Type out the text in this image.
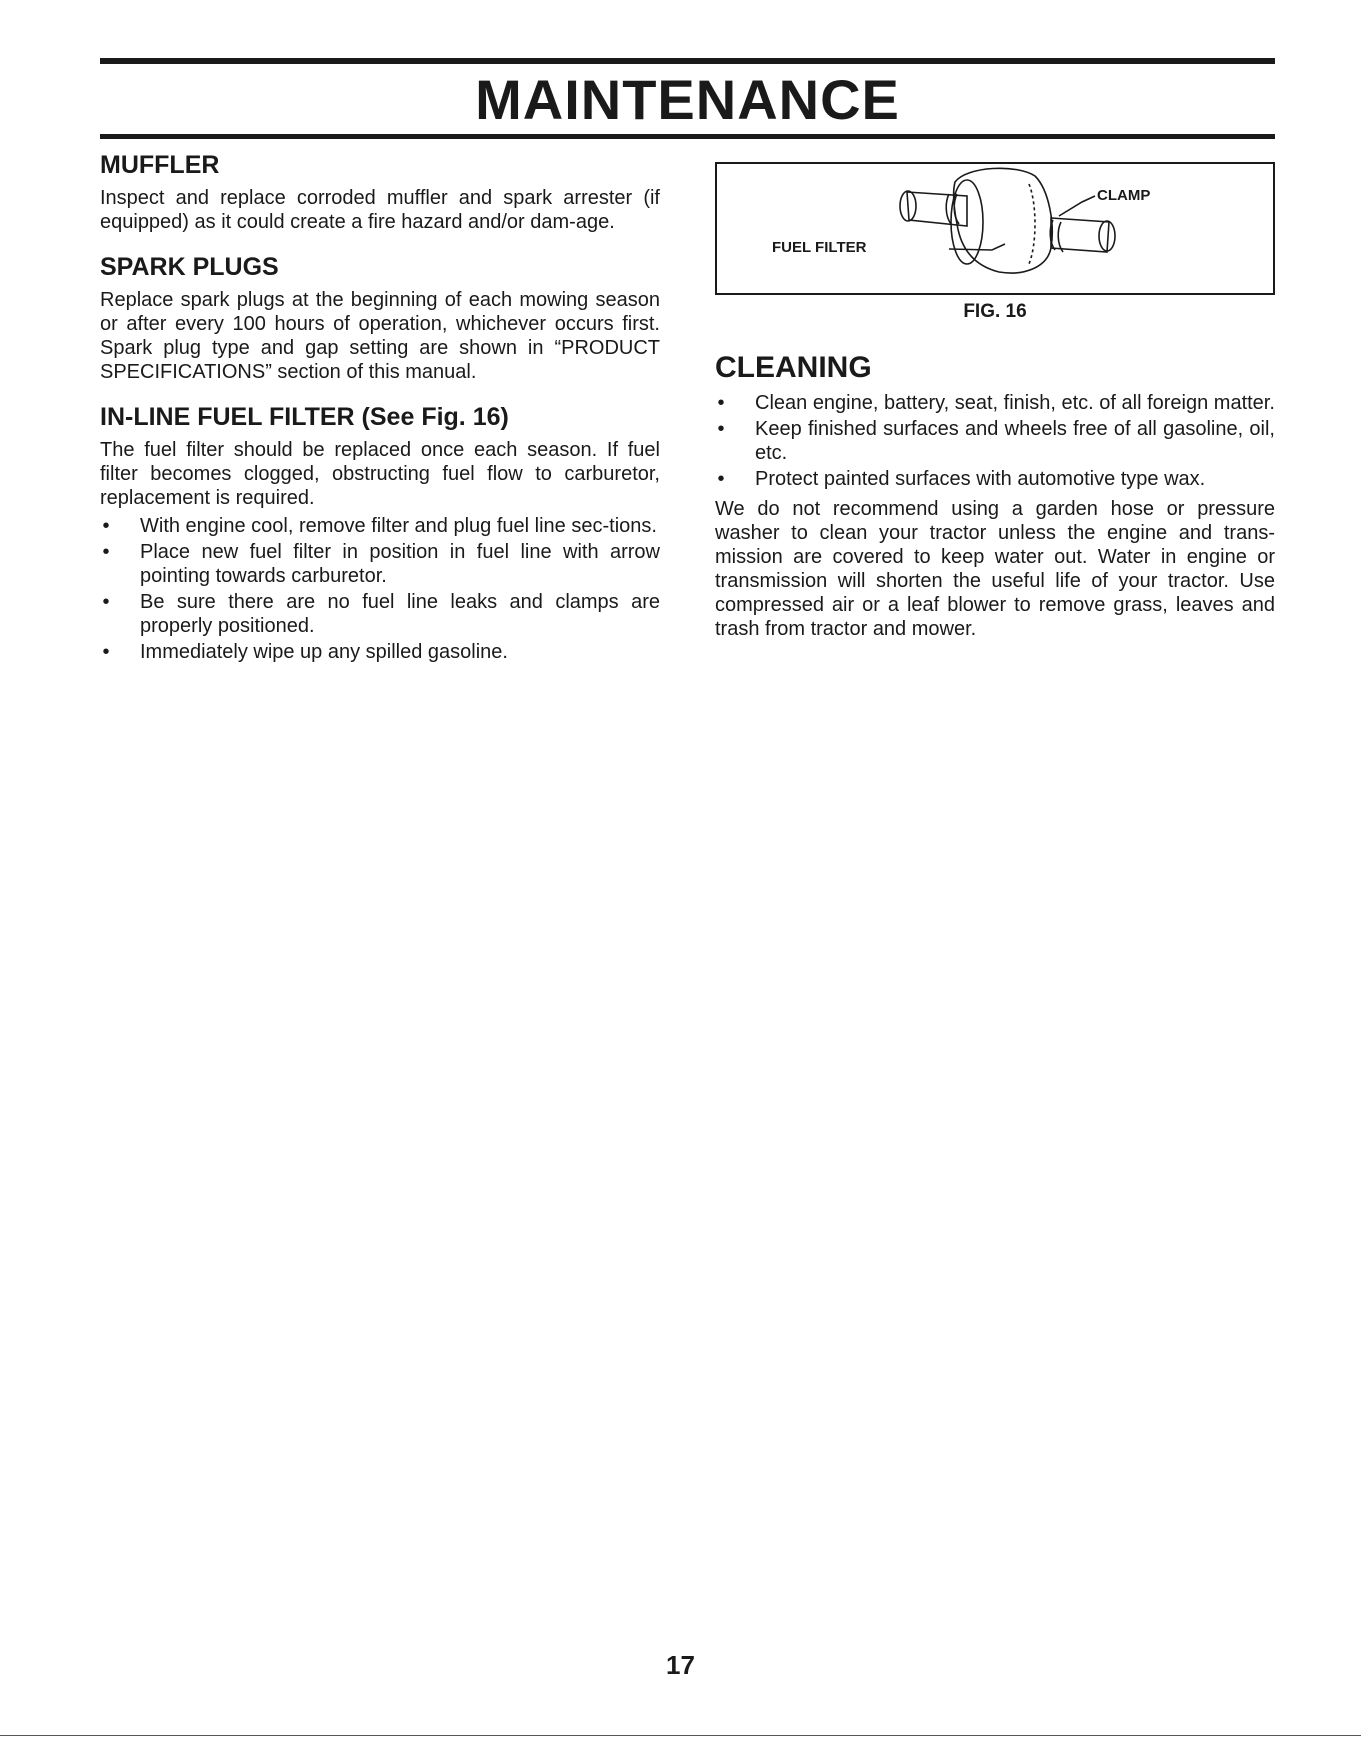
MAINTENANCE
MUFFLER

Inspect and replace corroded muffler and spark arrester (if equipped) as it could create a fire hazard and/or dam-age.

SPARK PLUGS

Replace spark plugs at the beginning of each mowing season or after every 100 hours of operation, whichever occurs first. Spark plug type and gap setting are shown in “PRODUCT SPECIFICATIONS” section of this manual.

IN-LINE FUEL FILTER (See Fig. 16)

The fuel filter should be replaced once each season. If fuel filter becomes clogged, obstructing fuel flow to carburetor, replacement is required.

• With engine cool, remove filter and plug fuel line sec-tions.
• Place new fuel filter in position in fuel line with arrow pointing towards carburetor.
• Be sure there are no fuel line leaks and clamps are properly positioned.
• Immediately wipe up any spilled gasoline.
CLAMP
FUEL FILTER
FIG. 16
CLEANING
• Clean engine, battery, seat, finish, etc. of all foreign matter.
• Keep finished surfaces and wheels free of all gasoline, oil, etc.
• Protect painted surfaces with automotive type wax.

We do not recommend using a garden hose or pressure washer to clean your tractor unless the engine and trans-mission are covered to keep water out. Water in engine or transmission will shorten the useful life of your tractor. Use compressed air or a leaf blower to remove grass, leaves and trash from tractor and mower.

17
